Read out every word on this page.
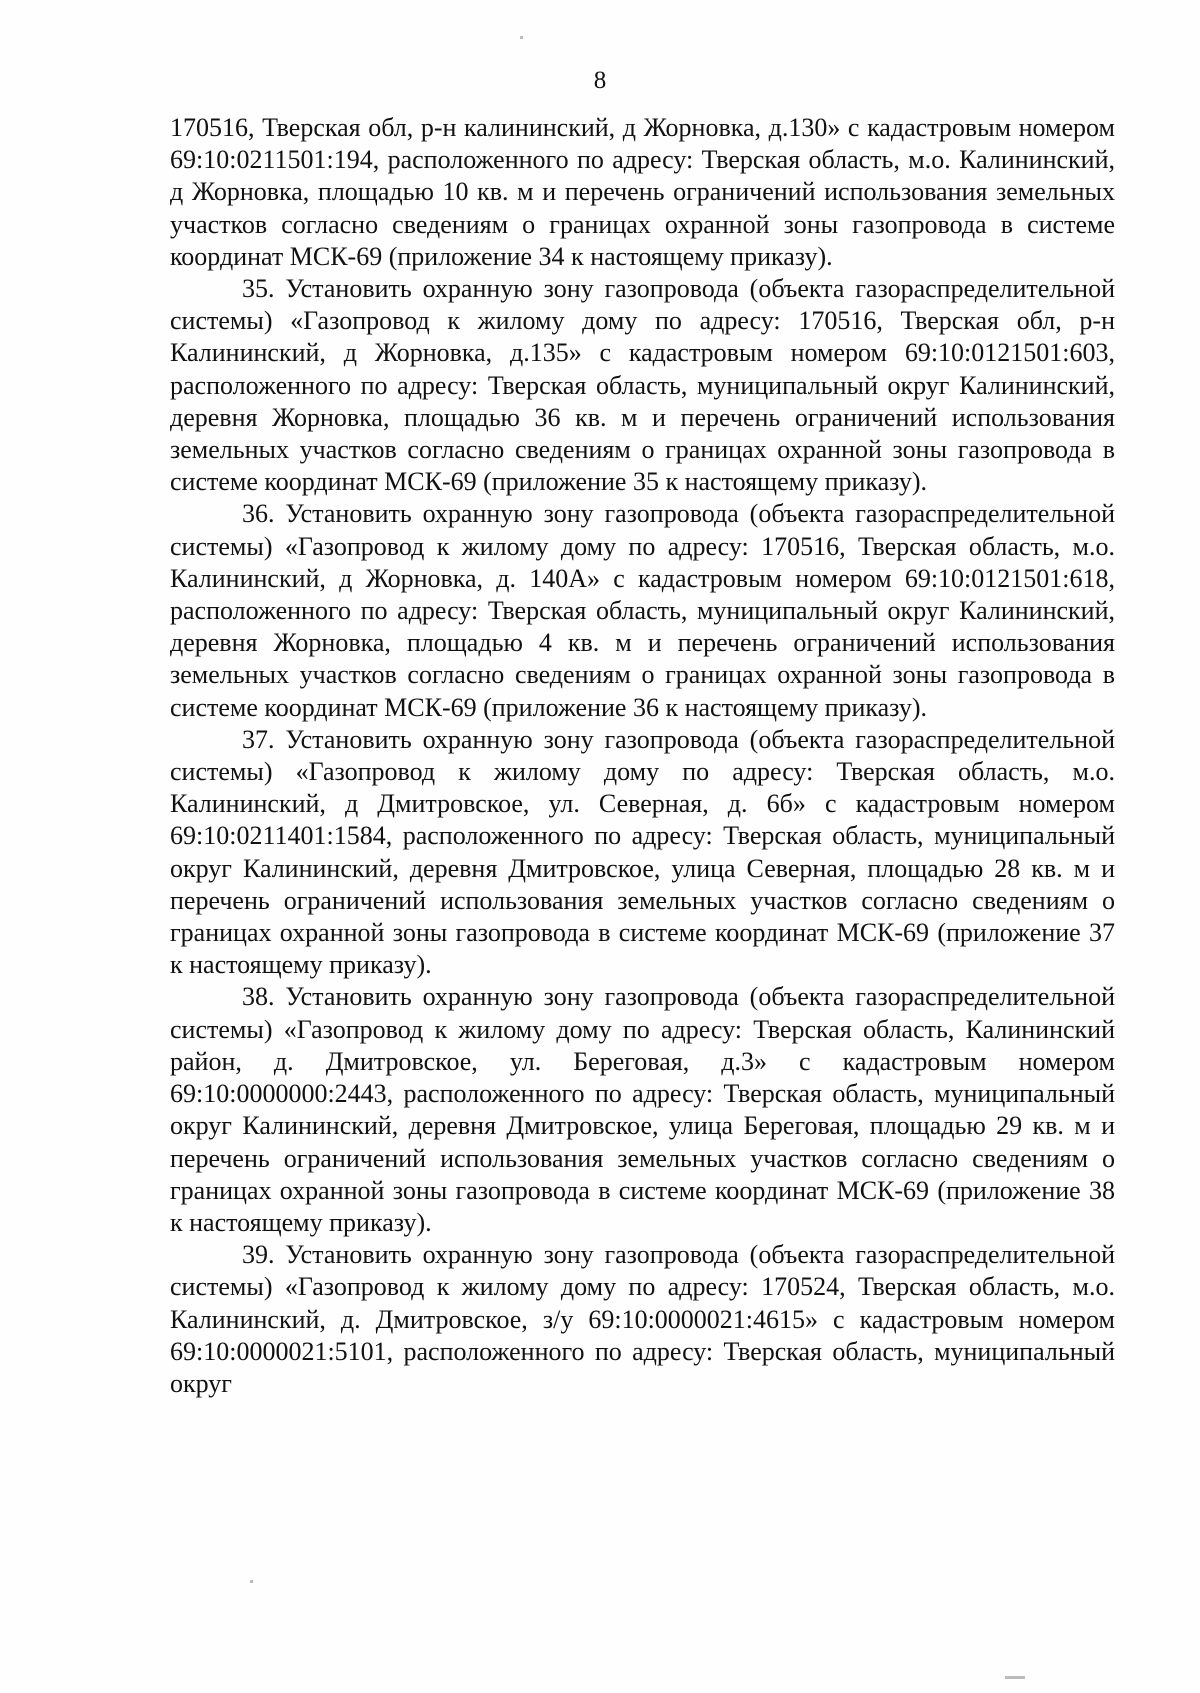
8

170516, Тверская обл, р-н калининский, д Жорновка, д.130» с кадастровым номером 69:10:0211501:194, расположенного по адресу: Тверская область, м.о. Калининский, д Жорновка, площадью 10 кв. м и перечень ограничений использования земельных участков согласно сведениям о границах охранной зоны газопровода в системе координат МСК-69 (приложение 34 к настоящему приказу).

35. Установить охранную зону газопровода (объекта газораспределительной системы) «Газопровод к жилому дому по адресу: 170516, Тверская обл, р-н Калининский, д Жорновка, д.135» с кадастровым номером 69:10:0121501:603, расположенного по адресу: Тверская область, муниципальный округ Калининский, деревня Жорновка, площадью 36 кв. м и перечень ограничений использования земельных участков согласно сведениям о границах охранной зоны газопровода в системе координат МСК-69 (приложение 35 к настоящему приказу).

36. Установить охранную зону газопровода (объекта газораспределительной системы) «Газопровод к жилому дому по адресу: 170516, Тверская область, м.о. Калининский, д Жорновка, д. 140А» с кадастровым номером 69:10:0121501:618, расположенного по адресу: Тверская область, муниципальный округ Калининский, деревня Жорновка, площадью 4 кв. м и перечень ограничений использования земельных участков согласно сведениям о границах охранной зоны газопровода в системе координат МСК-69 (приложение 36 к настоящему приказу).

37. Установить охранную зону газопровода (объекта газораспределительной системы) «Газопровод к жилому дому по адресу: Тверская область, м.о. Калининский, д Дмитровское, ул. Северная, д. 6б» с кадастровым номером 69:10:0211401:1584, расположенного по адресу: Тверская область, муниципальный округ Калининский, деревня Дмитровское, улица Северная, площадью 28 кв. м и перечень ограничений использования земельных участков согласно сведениям о границах охранной зоны газопровода в системе координат МСК-69 (приложение 37 к настоящему приказу).

38. Установить охранную зону газопровода (объекта газораспределительной системы) «Газопровод к жилому дому по адресу: Тверская область, Калининский район, д. Дмитровское, ул. Береговая, д.3» с кадастровым номером 69:10:0000000:2443, расположенного по адресу: Тверская область, муниципальный округ Калининский, деревня Дмитровское, улица Береговая, площадью 29 кв. м и перечень ограничений использования земельных участков согласно сведениям о границах охранной зоны газопровода в системе координат МСК-69 (приложение 38 к настоящему приказу).

39. Установить охранную зону газопровода (объекта газораспределительной системы) «Газопровод к жилому дому по адресу: 170524, Тверская область, м.о. Калининский, д. Дмитровское, з/у 69:10:0000021:4615» с кадастровым номером 69:10:0000021:5101, расположенного по адресу: Тверская область, муниципальный округ
